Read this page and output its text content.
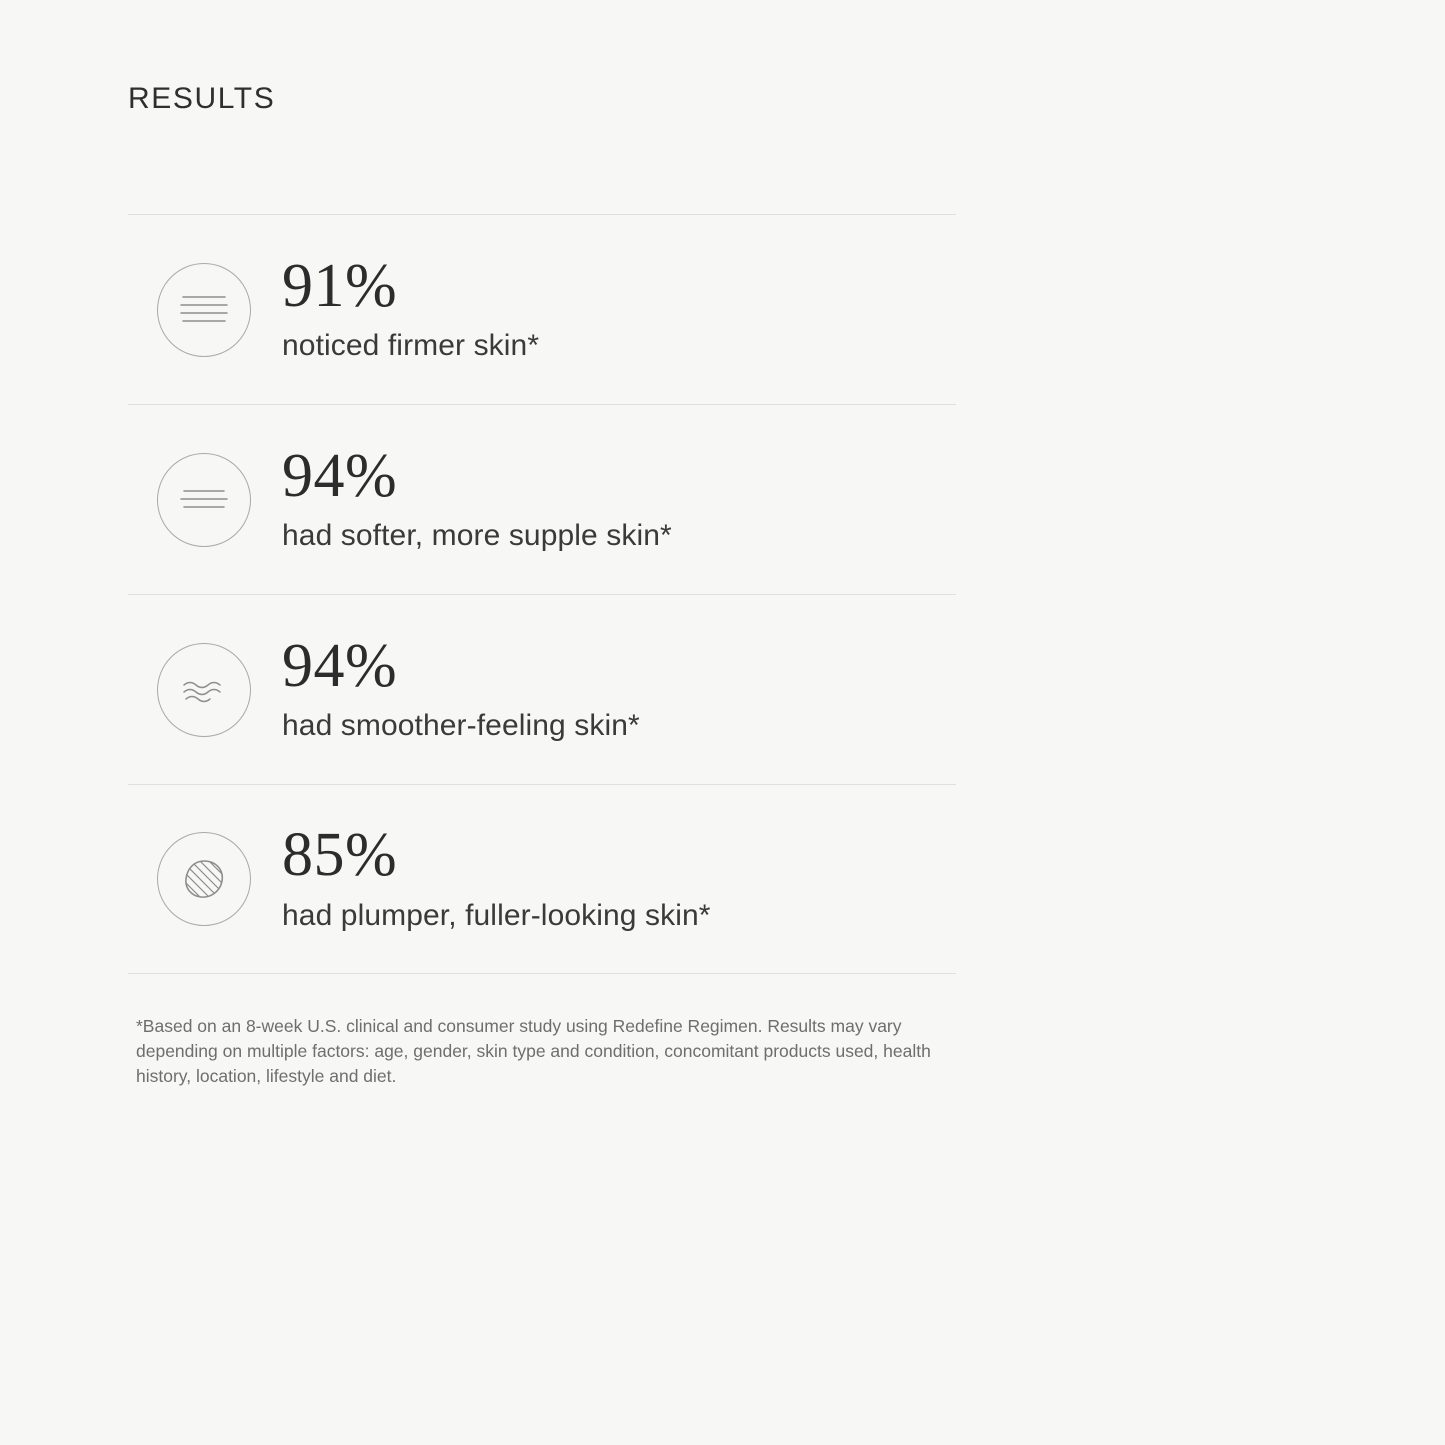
RESULTS
91%
noticed firmer skin*
94%
had softer, more supple skin*
94%
had smoother-feeling skin*
85%
had plumper, fuller-looking skin*
*Based on an 8-week U.S. clinical and consumer study using Redefine Regimen. Results may vary depending on multiple factors: age, gender, skin type and condition, concomitant products used, health history, location, lifestyle and diet.
